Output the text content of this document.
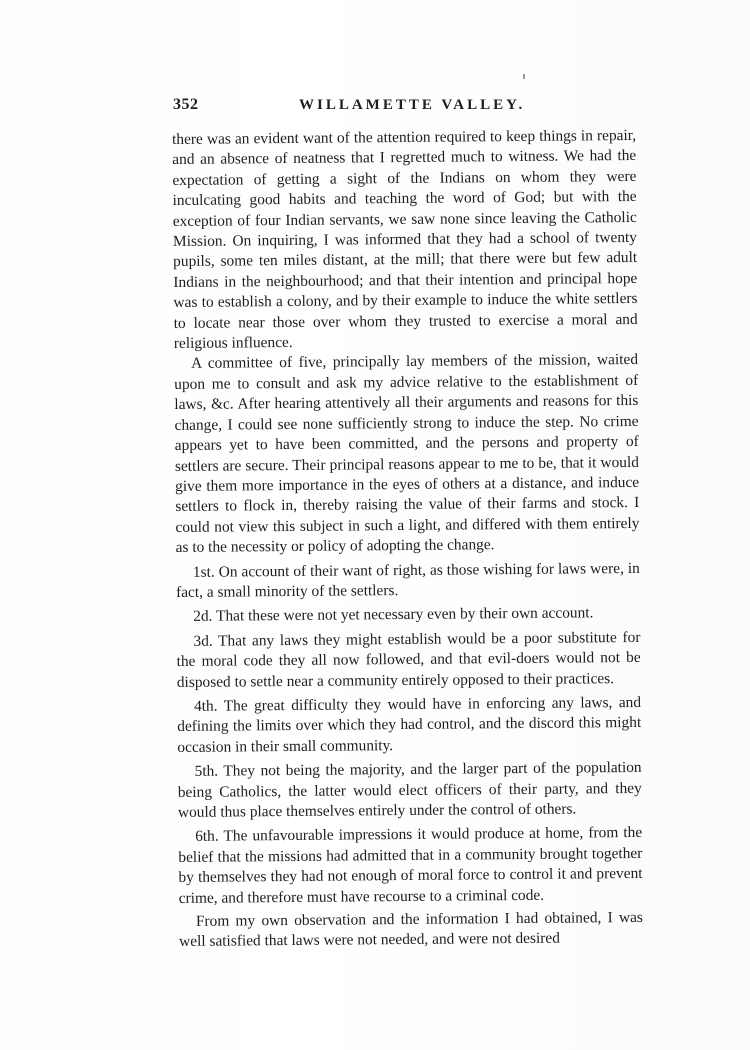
352	WILLAMETTE VALLEY.

there was an evident want of the attention required to keep things in repair, and an absence of neatness that I regretted much to witness. We had the expectation of getting a sight of the Indians on whom they were inculcating good habits and teaching the word of God; but with the exception of four Indian servants, we saw none since leaving the Catholic Mission. On inquiring, I was informed that they had a school of twenty pupils, some ten miles distant, at the mill; that there were but few adult Indians in the neighbourhood; and that their intention and principal hope was to establish a colony, and by their example to induce the white settlers to locate near those over whom they trusted to exercise a moral and religious influence.

A committee of five, principally lay members of the mission, waited upon me to consult and ask my advice relative to the establishment of laws, &c. After hearing attentively all their arguments and reasons for this change, I could see none sufficiently strong to induce the step. No crime appears yet to have been committed, and the persons and property of settlers are secure. Their principal reasons appear to me to be, that it would give them more importance in the eyes of others at a distance, and induce settlers to flock in, thereby raising the value of their farms and stock. I could not view this subject in such a light, and differed with them entirely as to the necessity or policy of adopting the change.

1st. On account of their want of right, as those wishing for laws were, in fact, a small minority of the settlers.

2d. That these were not yet necessary even by their own account.

3d. That any laws they might establish would be a poor substitute for the moral code they all now followed, and that evil-doers would not be disposed to settle near a community entirely opposed to their practices.

4th. The great difficulty they would have in enforcing any laws, and defining the limits over which they had control, and the discord this might occasion in their small community.

5th. They not being the majority, and the larger part of the population being Catholics, the latter would elect officers of their party, and they would thus place themselves entirely under the control of others.

6th. The unfavourable impressions it would produce at home, from the belief that the missions had admitted that in a community brought together by themselves they had not enough of moral force to control it and prevent crime, and therefore must have recourse to a criminal code.

From my own observation and the information I had obtained, I was well satisfied that laws were not needed, and were not desired
